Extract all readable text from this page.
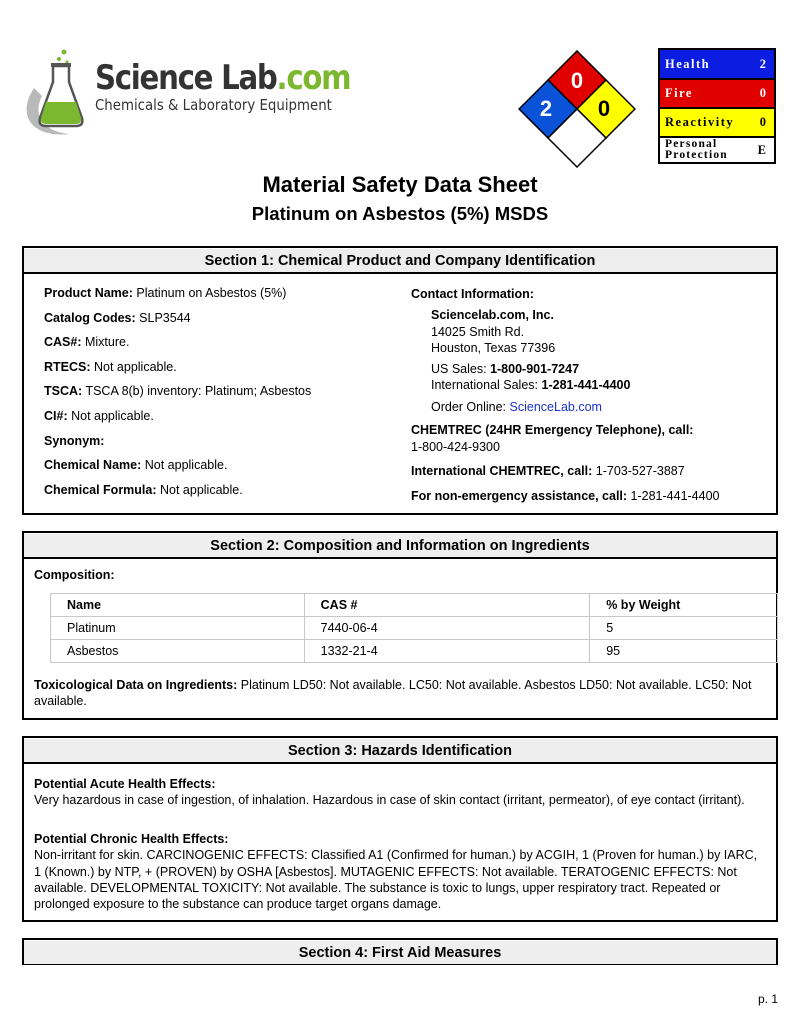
Science Lab.com
Chemicals & Laboratory Equipment
0
2 0
Health	2
Fire	0
Reactivity 0
Personal
Protection E
Material Safety Data Sheet
Platinum on Asbestos (5%) MSDS
Section 1: Chemical Product and Company Identification
Product Name: Platinum on Asbestos (5%)
Catalog Codes: SLP3544
CAS#: Mixture.
RTECS: Not applicable.
TSCA: TSCA 8(b) inventory: Platinum; Asbestos
CI#: Not applicable.
Synonym:
Chemical Name: Not applicable.
Chemical Formula: Not applicable.
Contact Information:
Sciencelab.com, Inc.
14025 Smith Rd.
Houston, Texas 77396
US Sales: 1-800-901-7247
International Sales: 1-281-441-4400
Order Online: ScienceLab.com
CHEMTREC (24HR Emergency Telephone), call:
1-800-424-9300
International CHEMTREC, call: 1-703-527-3887
For non-emergency assistance, call: 1-281-441-4400
Section 2: Composition and Information on Ingredients
Composition:
Name	CAS #	% by Weight
Platinum	7440-06-4	5
Asbestos	1332-21-4	95
Toxicological Data on Ingredients: Platinum LD50: Not available. LC50: Not available. Asbestos LD50: Not available. LC50: Not available.
Section 3: Hazards Identification
Potential Acute Health Effects:
Very hazardous in case of ingestion, of inhalation. Hazardous in case of skin contact (irritant, permeator), of eye contact (irritant).
Potential Chronic Health Effects:
Non-irritant for skin. CARCINOGENIC EFFECTS: Classified A1 (Confirmed for human.) by ACGIH, 1 (Proven for human.) by IARC, 1 (Known.) by NTP, + (PROVEN) by OSHA [Asbestos]. MUTAGENIC EFFECTS: Not available. TERATOGENIC EFFECTS: Not available. DEVELOPMENTAL TOXICITY: Not available. The substance is toxic to lungs, upper respiratory tract. Repeated or prolonged exposure to the substance can produce target organs damage.
Section 4: First Aid Measures
p. 1
